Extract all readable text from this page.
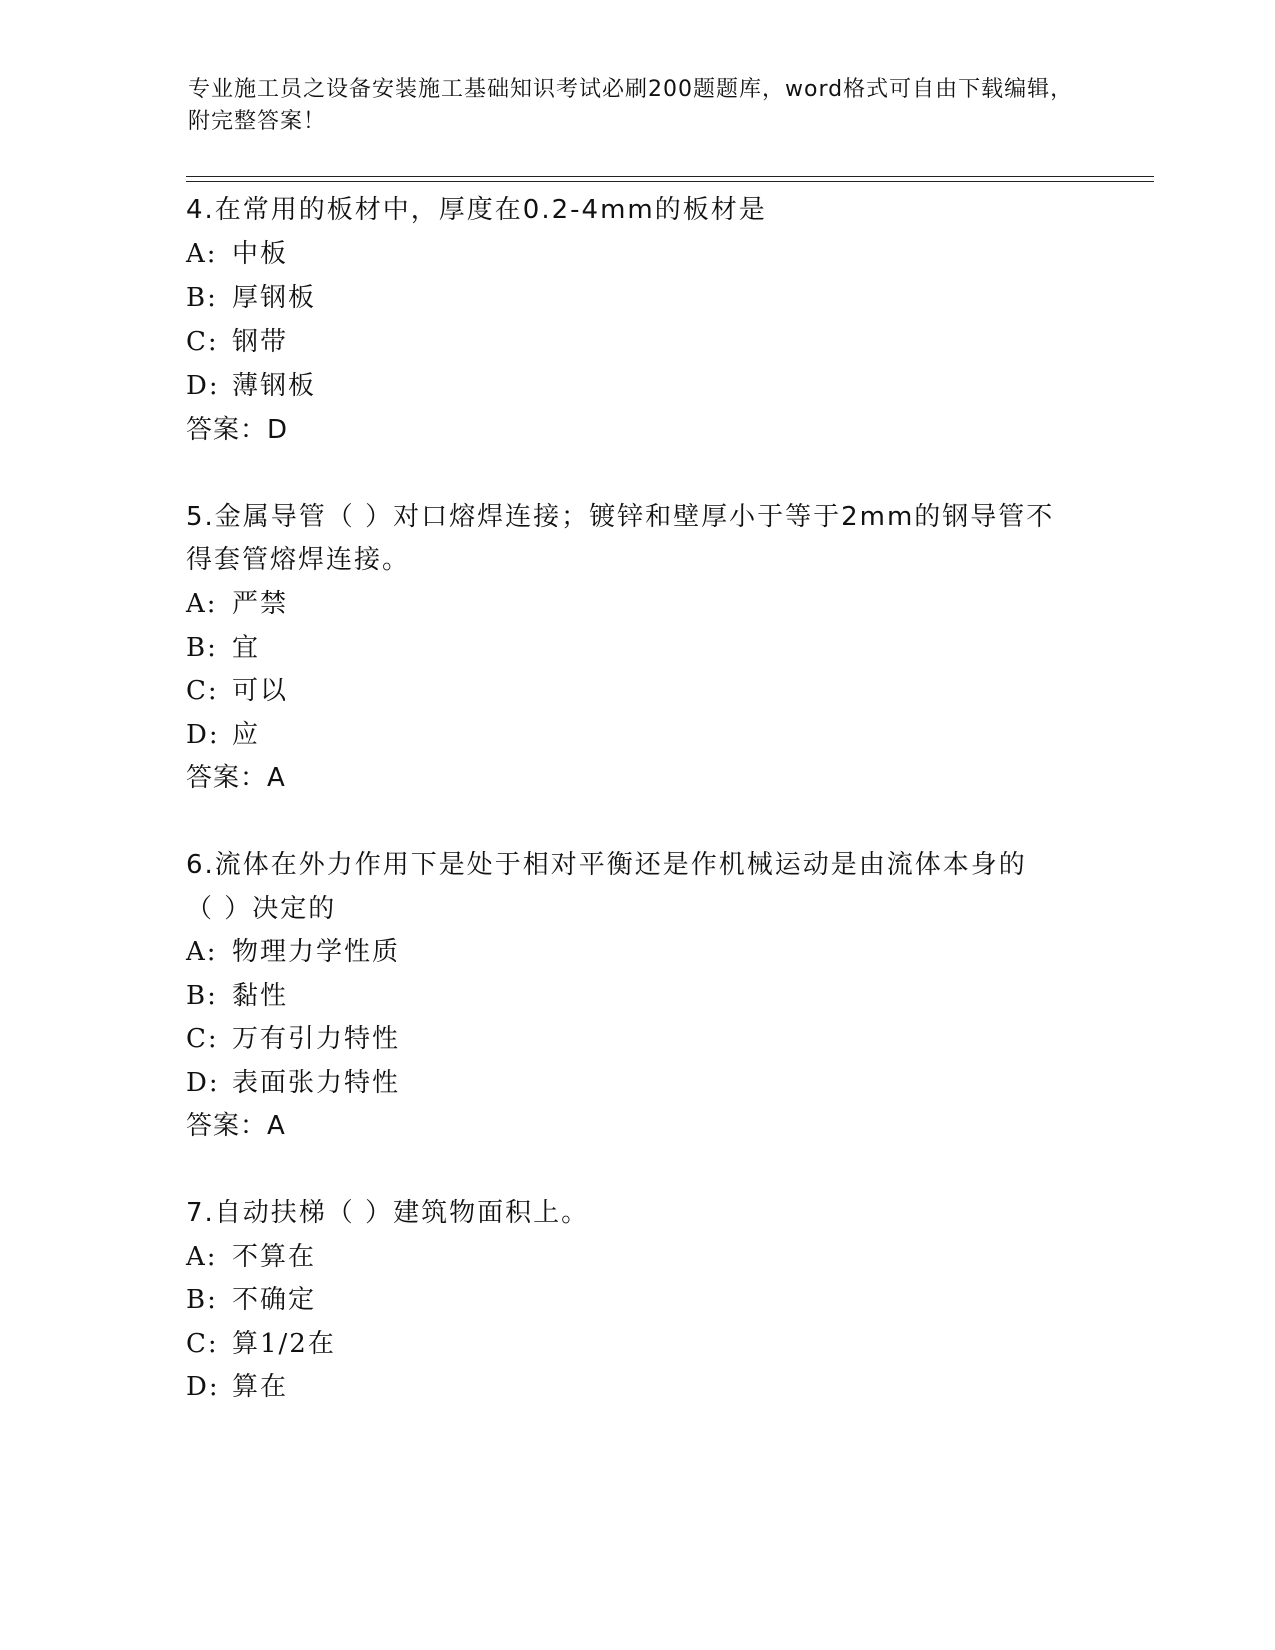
专业施工员之设备安装施工基础知识考试必刷200题题库，word格式可自由下载编辑，附完整答案！

4.在常用的板材中，厚度在0.2-4mm的板材是

A: 中板

B: 厚钢板

C: 钢带

D: 薄钢板

答案：D

5.金属导管（ ）对口熔焊连接；镀锌和壁厚小于等于2mm的钢导管不

得套管熔焊连接。

A: 严禁

B: 宜

C: 可以

D: 应

答案：A

6.流体在外力作用下是处于相对平衡还是作机械运动是由流体本身的

（ ）决定的

A: 物理力学性质

B: 黏性

C: 万有引力特性

D: 表面张力特性

答案：A

7.自动扶梯（ ）建筑物面积上。

A: 不算在

B: 不确定

C: 算1/2在

D: 算在
